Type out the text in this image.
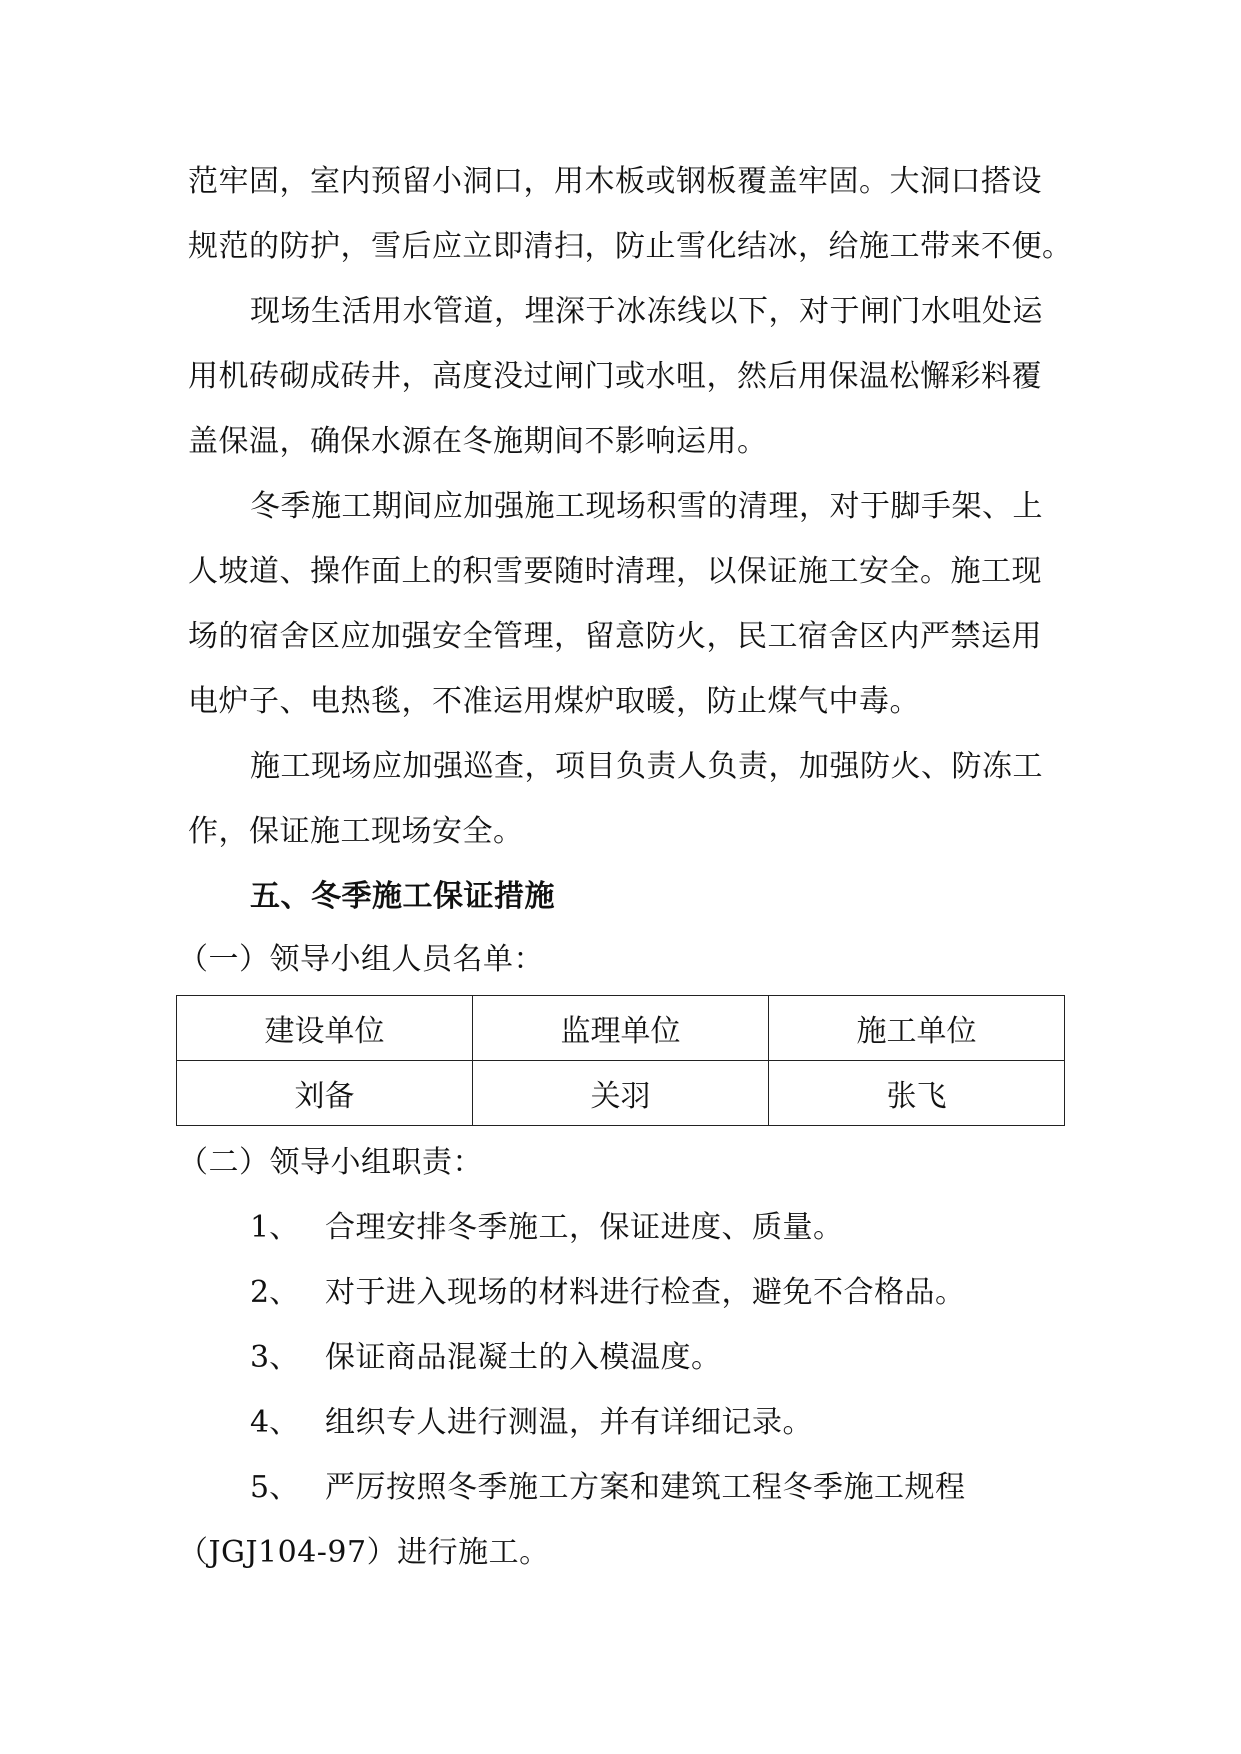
范牢固，室内预留小洞口，用木板或钢板覆盖牢固。大洞口搭设
规范的防护，雪后应立即清扫，防止雪化结冰，给施工带来不便。
现场生活用水管道，埋深于冰冻线以下，对于闸门水咀处运
用机砖砌成砖井，高度没过闸门或水咀，然后用保温松懈彩料覆
盖保温，确保水源在冬施期间不影响运用。
冬季施工期间应加强施工现场积雪的清理，对于脚手架、上
人坡道、操作面上的积雪要随时清理，以保证施工安全。施工现
场的宿舍区应加强安全管理，留意防火，民工宿舍区内严禁运用
电炉子、电热毯，不准运用煤炉取暖，防止煤气中毒。
施工现场应加强巡查，项目负责人负责，加强防火、防冻工
作，保证施工现场安全。
五、冬季施工保证措施
（一）领导小组人员名单：
建设单位	监理单位	施工单位
刘备	关羽	张飞
（二）领导小组职责：
1、 合理安排冬季施工，保证进度、质量。
2、 对于进入现场的材料进行检查，避免不合格品。
3、 保证商品混凝土的入模温度。
4、 组织专人进行测温，并有详细记录。
5、 严厉按照冬季施工方案和建筑工程冬季施工规程
（JGJ104-97）进行施工。
